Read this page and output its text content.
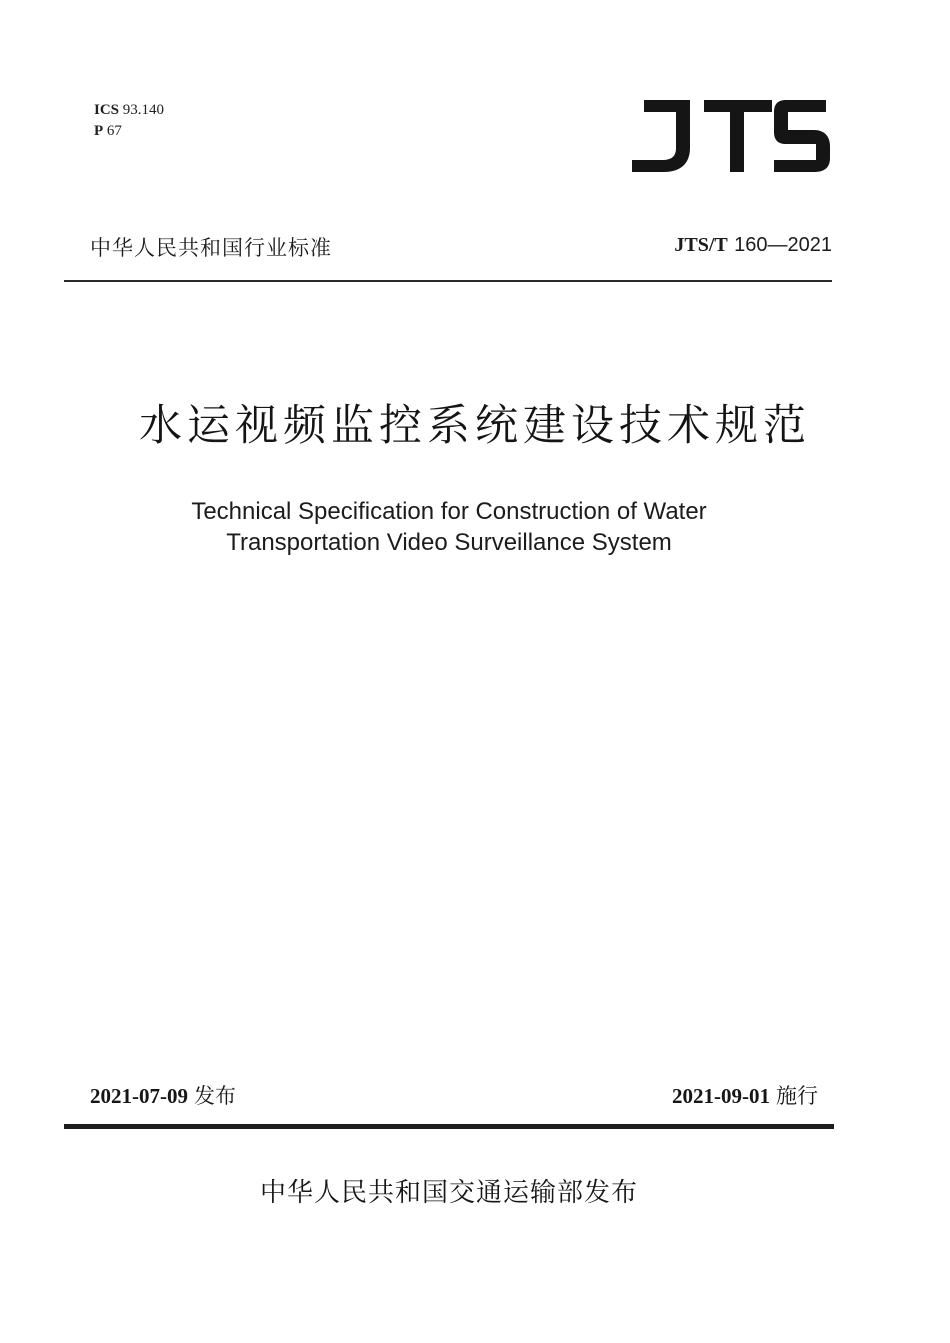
ICS 93.140
P 67
中华人民共和国行业标准	JTS/T 160—2021
水运视频监控系统建设技术规范
Technical Specification for Construction of Water
Transportation Video Surveillance System
2021-07-09 发布	2021-09-01 施行
中华人民共和国交通运输部发布
